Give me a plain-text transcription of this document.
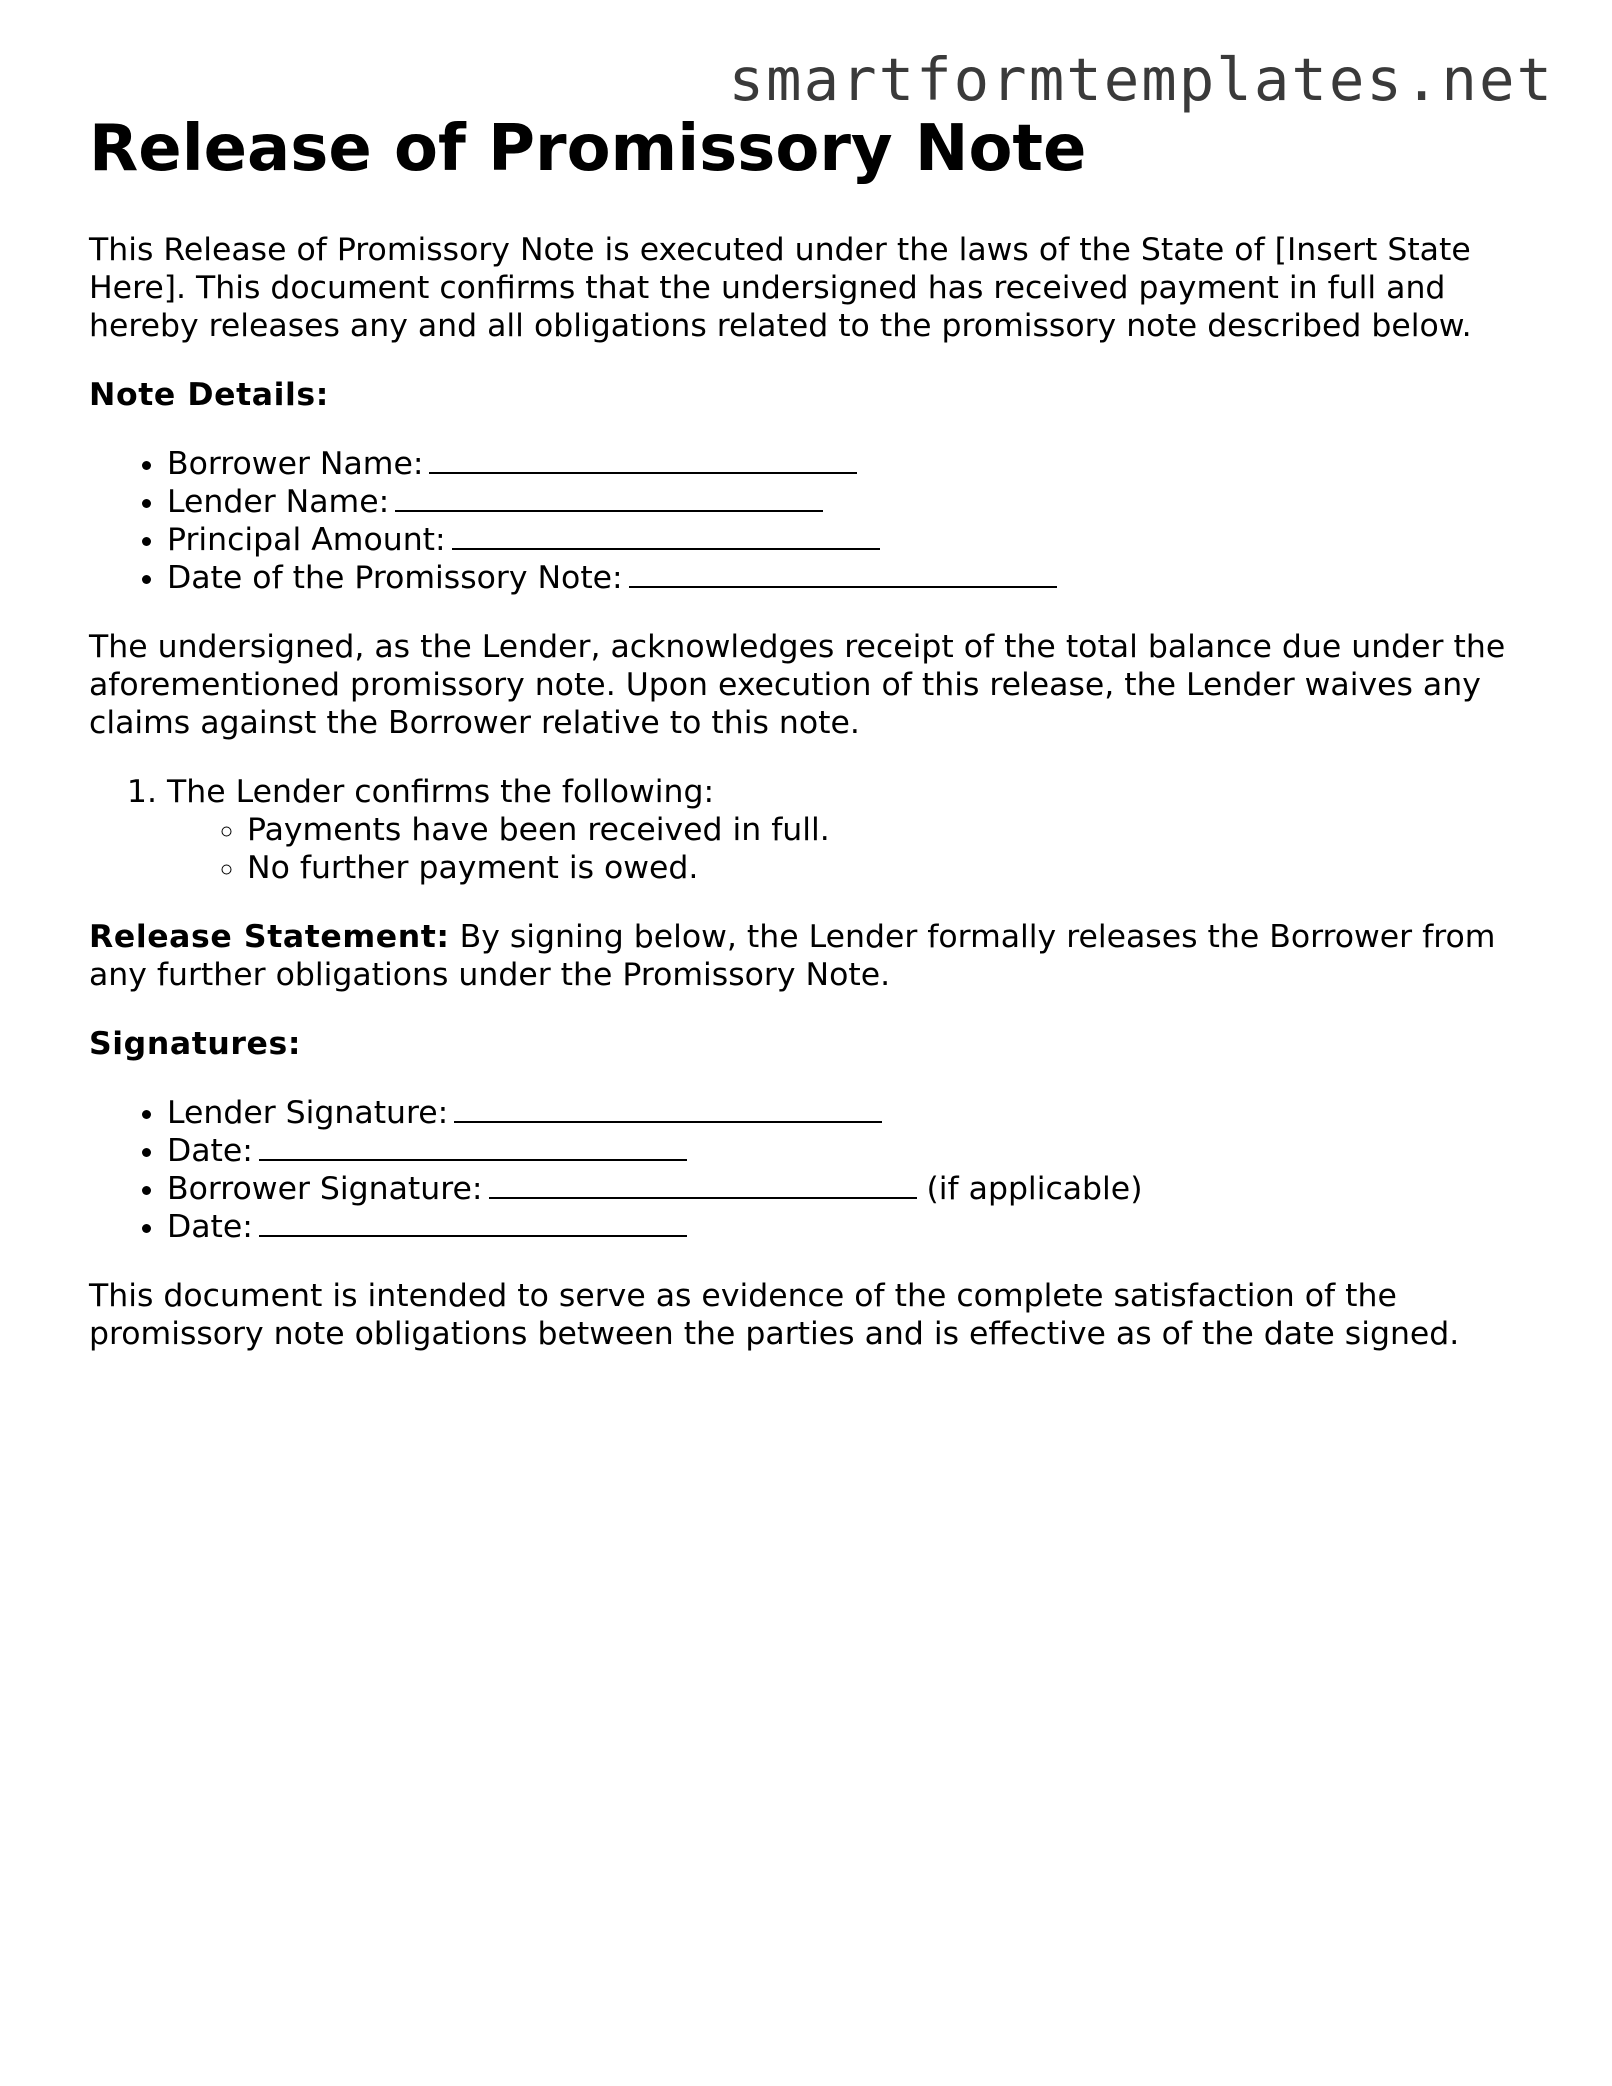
smartformtemplates.net
Release of Promissory Note

This Release of Promissory Note is executed under the laws of the State of [Insert State Here]. This document confirms that the undersigned has received payment in full and hereby releases any and all obligations related to the promissory note described below.

Note Details:

• Borrower Name:
• Lender Name:
• Principal Amount:
• Date of the Promissory Note:

The undersigned, as the Lender, acknowledges receipt of the total balance due under the aforementioned promissory note. Upon execution of this release, the Lender waives any claims against the Borrower relative to this note.

1. The Lender confirms the following:
◦ Payments have been received in full.
◦ No further payment is owed.

Release Statement: By signing below, the Lender formally releases the Borrower from any further obligations under the Promissory Note.

Signatures:

• Lender Signature:
• Date:
• Borrower Signature:	(if applicable)
• Date:

This document is intended to serve as evidence of the complete satisfaction of the promissory note obligations between the parties and is effective as of the date signed.
